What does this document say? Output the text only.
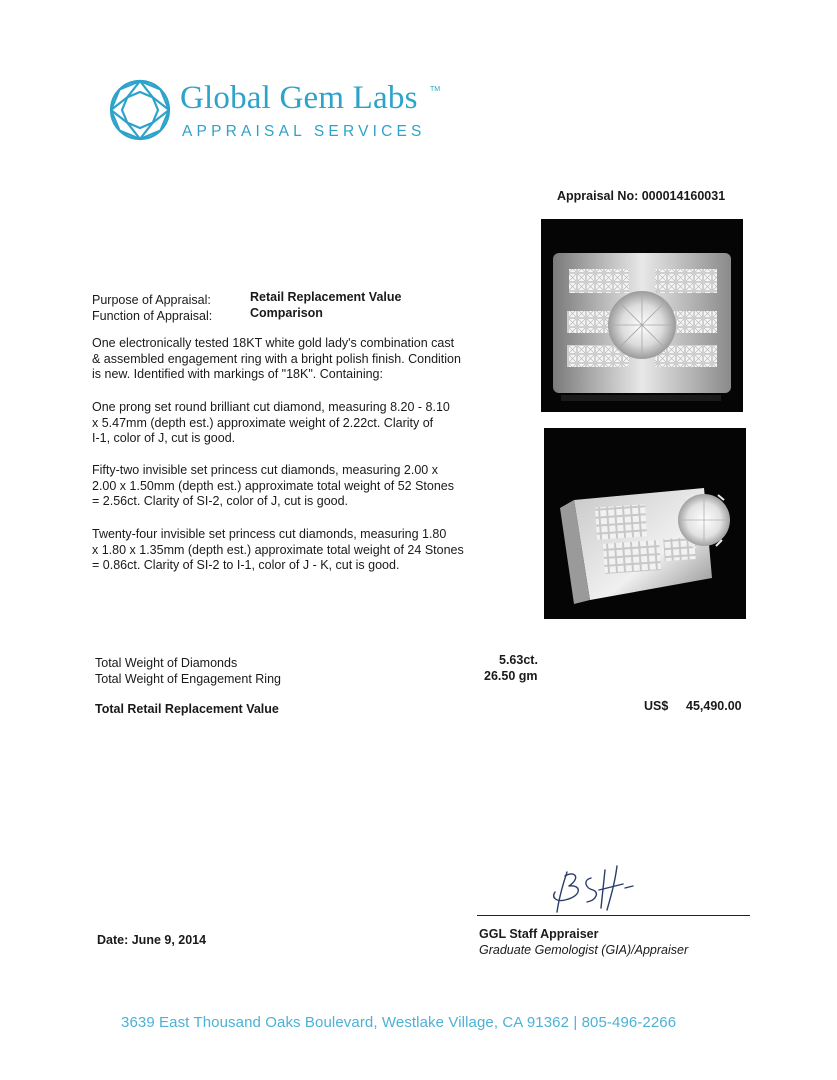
Global Gem Labs TM
APPRAISAL SERVICES
Appraisal No: 000014160031
Purpose of Appraisal:	Retail Replacement Value
Function of Appraisal:	Comparison
One electronically tested 18KT white gold lady's combination cast
& assembled engagement ring with a bright polish finish. Condition
is new. Identified with markings of "18K". Containing:
One prong set round brilliant cut diamond, measuring 8.20 - 8.10
x 5.47mm (depth est.) approximate weight of 2.22ct. Clarity of
I-1, color of J, cut is good.
Fifty-two invisible set princess cut diamonds, measuring 2.00 x
2.00 x 1.50mm (depth est.) approximate total weight of 52 Stones
= 2.56ct. Clarity of SI-2, color of J, cut is good.
Twenty-four invisible set princess cut diamonds, measuring 1.80
x 1.80 x 1.35mm (depth est.) approximate total weight of 24 Stones
= 0.86ct. Clarity of SI-2 to I-1, color of J - K, cut is good.
Total Weight of Diamonds	5.63ct.
Total Weight of Engagement Ring	26.50 gm
Total Retail Replacement Value	US$ 45,490.00
Date: June 9, 2014	GGL Staff Appraiser
Graduate Gemologist (GIA)/Appraiser
3639 East Thousand Oaks Boulevard, Westlake Village, CA 91362 | 805-496-2266
